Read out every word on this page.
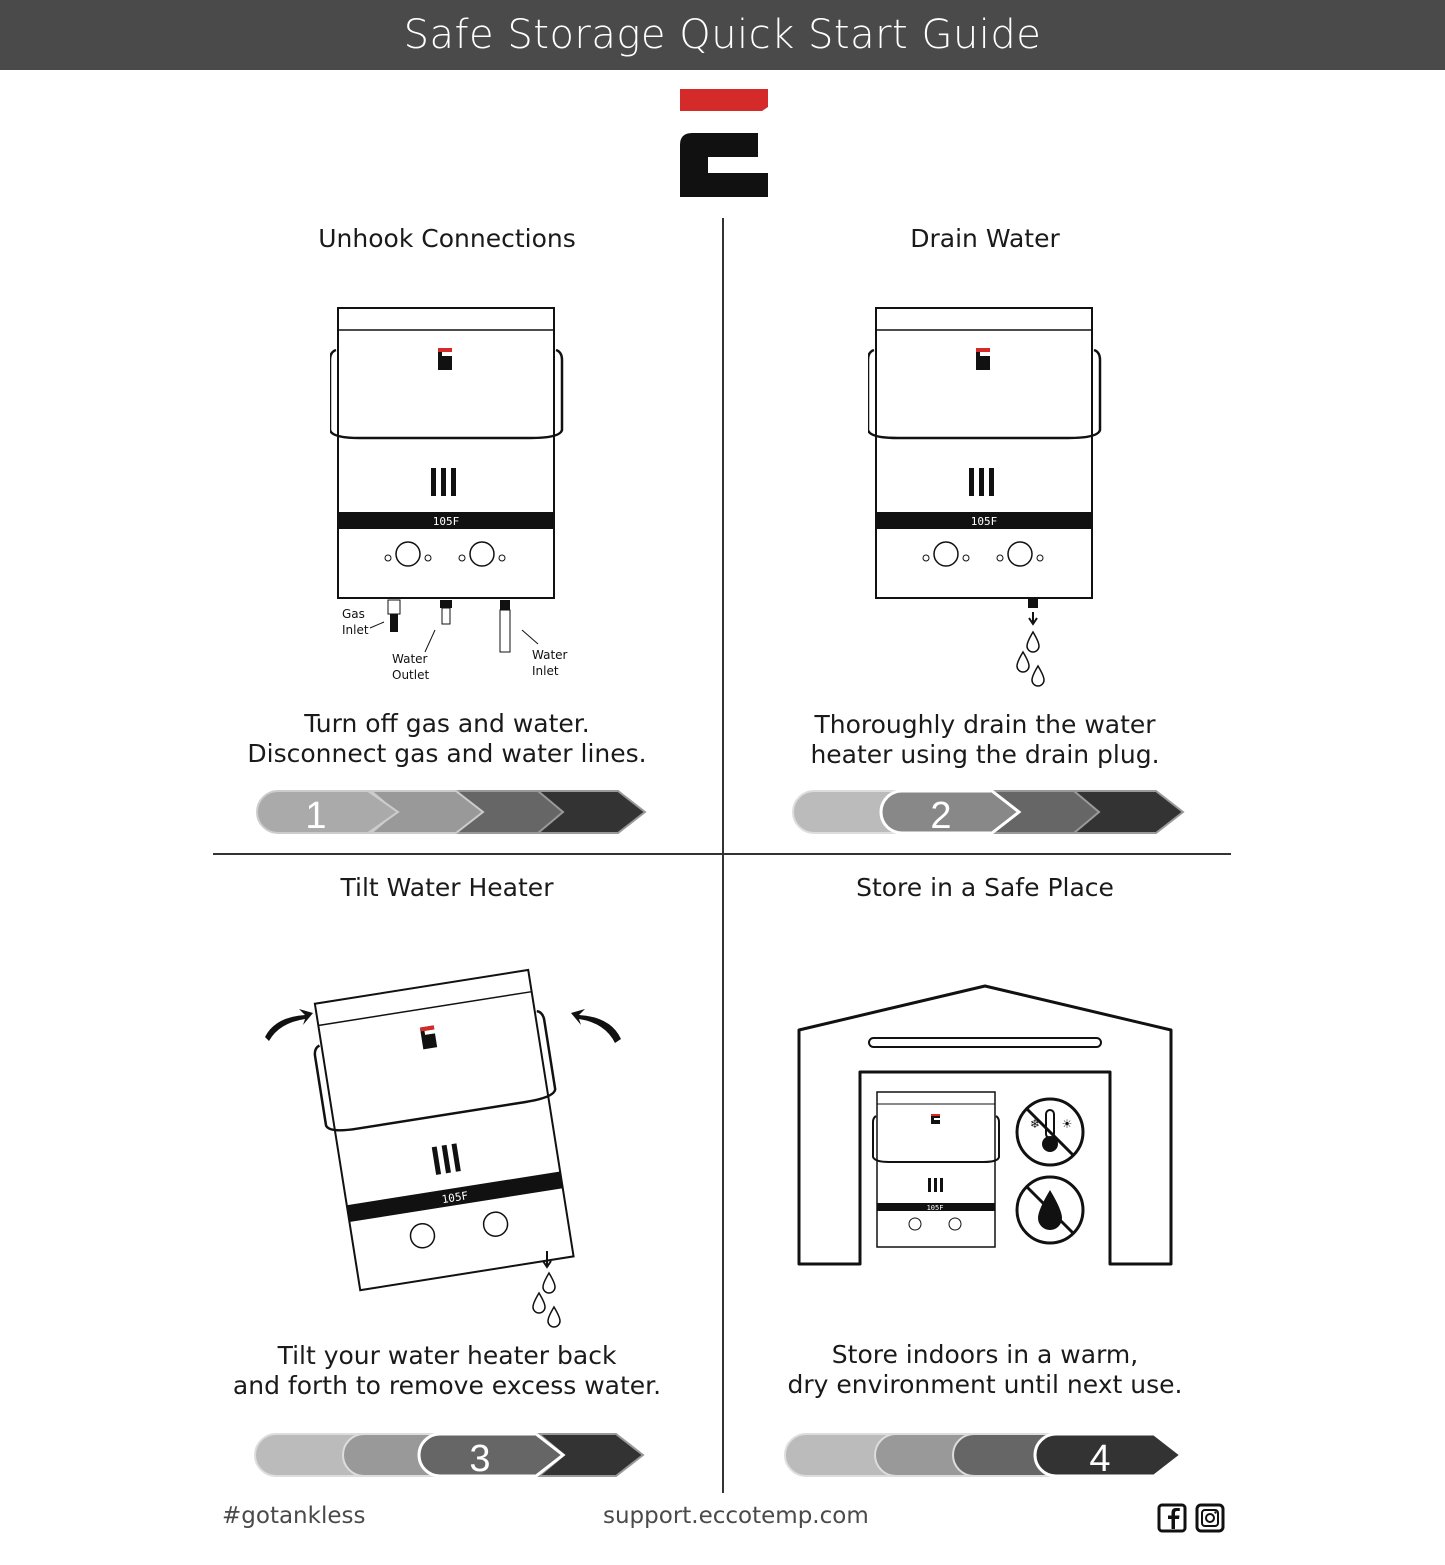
Safe Storage Quick Start Guide
Unhook Connections
105F
Gas
Inlet
Water
Outlet
Water
Inlet
Turn off gas and water.
Disconnect gas and water lines.
1
Drain Water
105F
Thoroughly drain the water
heater using the drain plug.
2
Tilt Water Heater
105F
Tilt your water heater back
and forth to remove excess water.
3
Store in a Safe Place
105F
❄ ☀
Store indoors in a warm,
dry environment until next use.
4
#gotankless	support.eccotemp.com
